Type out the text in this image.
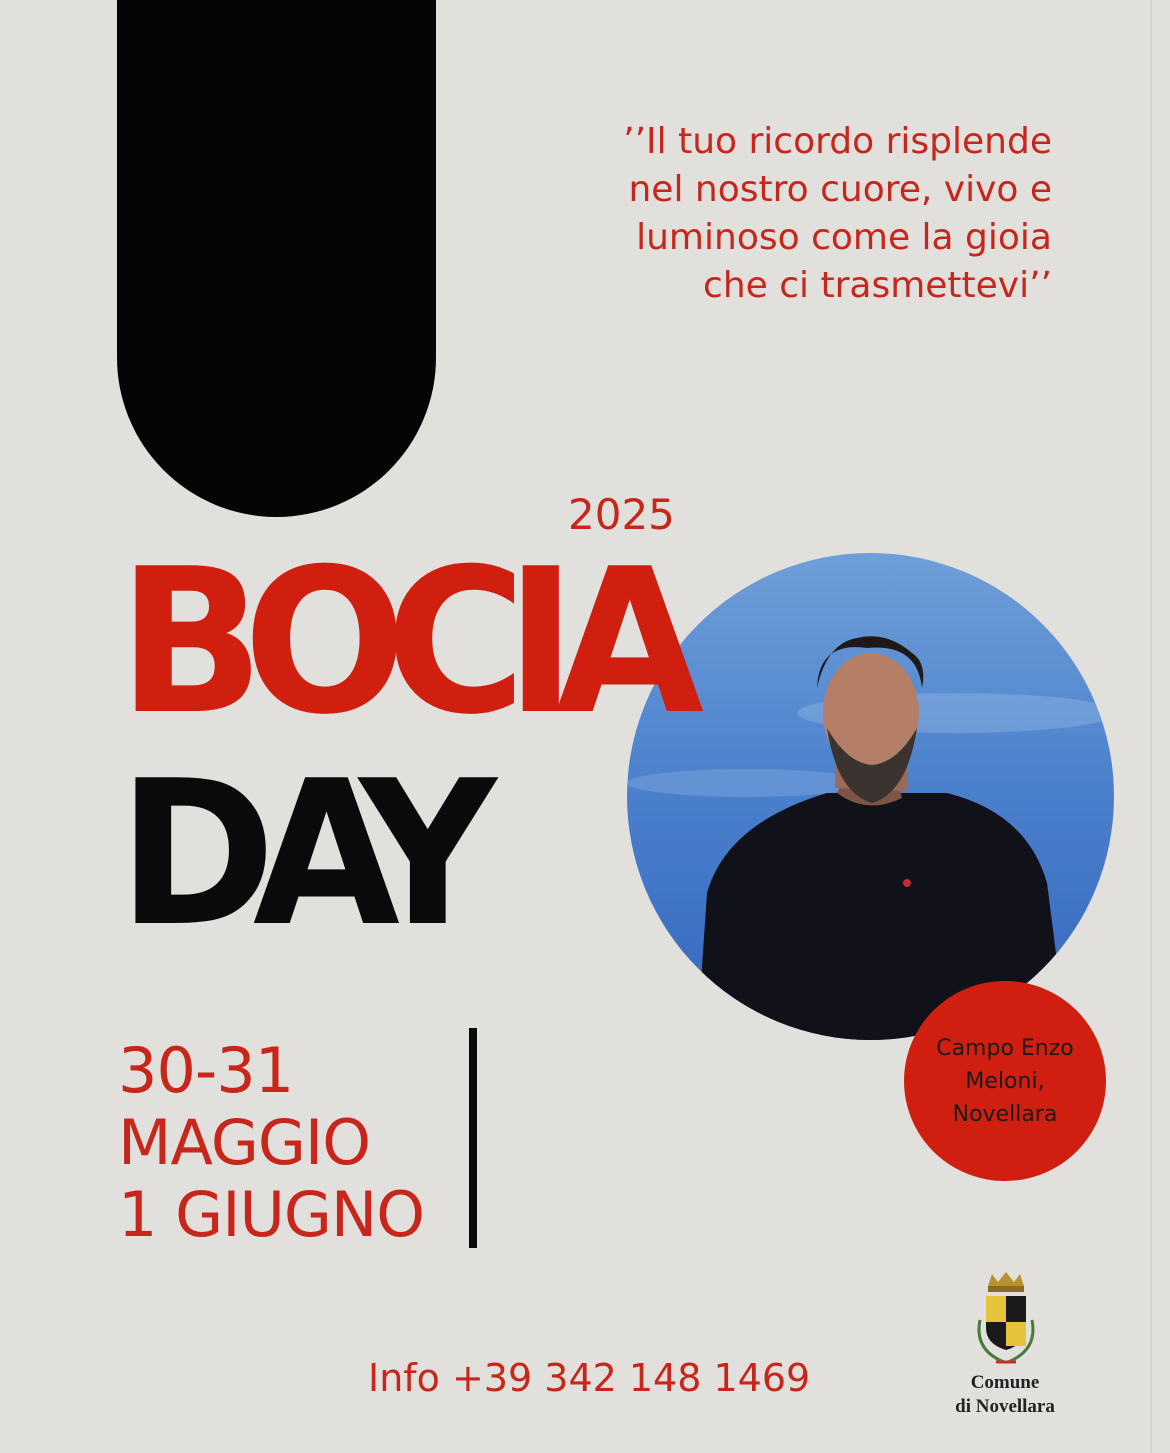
’’Il tuo ricordo risplende
nel nostro cuore, vivo e
luminoso come la gioia
che ci trasmettevi’’
2025
BOCIA
DAY
30-31
MAGGIO
1 GIUGNO
Campo Enzo
Meloni,
Novellara
Info +39 342 148 1469	Comune
di Novellara
